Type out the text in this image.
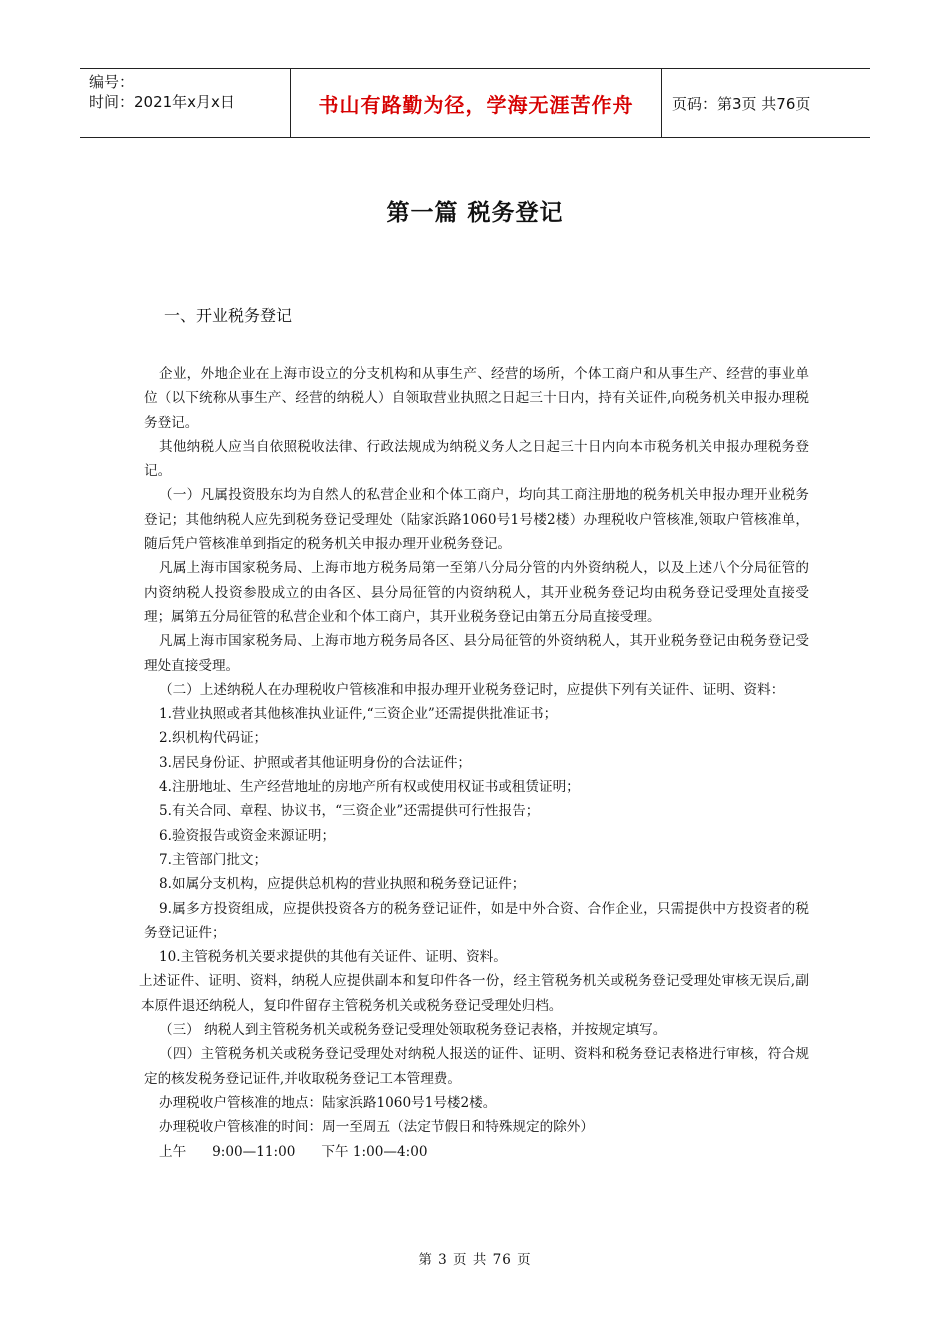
编号：
时间：2021年x月x日	书山有路勤为径，学海无涯苦作舟	页码：第3页 共76页
第一篇 税务登记
一、开业税务登记

企业，外地企业在上海市设立的分支机构和从事生产、经营的场所，个体工商户和从事生产、经营的事业单位（以下统称从事生产、经营的纳税人）自领取营业执照之日起三十日内，持有关证件,向税务机关申报办理税务登记。

其他纳税人应当自依照税收法律、行政法规成为纳税义务人之日起三十日内向本市税务机关申报办理税务登记。

（一）凡属投资股东均为自然人的私营企业和个体工商户，均向其工商注册地的税务机关申报办理开业税务登记；其他纳税人应先到税务登记受理处（陆家浜路1060号1号楼2楼）办理税收户管核准,领取户管核准单，随后凭户管核准单到指定的税务机关申报办理开业税务登记。

凡属上海市国家税务局、上海市地方税务局第一至第八分局分管的内外资纳税人，以及上述八个分局征管的内资纳税人投资参股成立的由各区、县分局征管的内资纳税人，其开业税务登记均由税务登记受理处直接受理；属第五分局征管的私营企业和个体工商户，其开业税务登记由第五分局直接受理。

凡属上海市国家税务局、上海市地方税务局各区、县分局征管的外资纳税人，其开业税务登记由税务登记受理处直接受理。

（二）上述纳税人在办理税收户管核准和申报办理开业税务登记时，应提供下列有关证件、证明、资料：

1.营业执照或者其他核准执业证件,“三资企业”还需提供批准证书；

2.织机构代码证；

3.居民身份证、护照或者其他证明身份的合法证件；

4.注册地址、生产经营地址的房地产所有权或使用权证书或租赁证明；

5.有关合同、章程、协议书，“三资企业”还需提供可行性报告；

6.验资报告或资金来源证明；

7.主管部门批文；

8.如属分支机构，应提供总机构的营业执照和税务登记证件；

9.属多方投资组成，应提供投资各方的税务登记证件，如是中外合资、合作企业，只需提供中方投资者的税务登记证件；

10.主管税务机关要求提供的其他有关证件、证明、资料。

上述证件、证明、资料，纳税人应提供副本和复印件各一份，经主管税务机关或税务登记受理处审核无误后,副本原件退还纳税人，复印件留存主管税务机关或税务登记受理处归档。

（三） 纳税人到主管税务机关或税务登记受理处领取税务登记表格，并按规定填写。

（四）主管税务机关或税务登记受理处对纳税人报送的证件、证明、资料和税务登记表格进行审核，符合规定的核发税务登记证件,并收取税务登记工本管理费。

办理税收户管核准的地点：陆家浜路1060号1号楼2楼。

办理税收户管核准的时间：周一至周五（法定节假日和特殊规定的除外）

上午      9:00—11:00      下午 1:00—4:00

第 3 页 共 76 页
